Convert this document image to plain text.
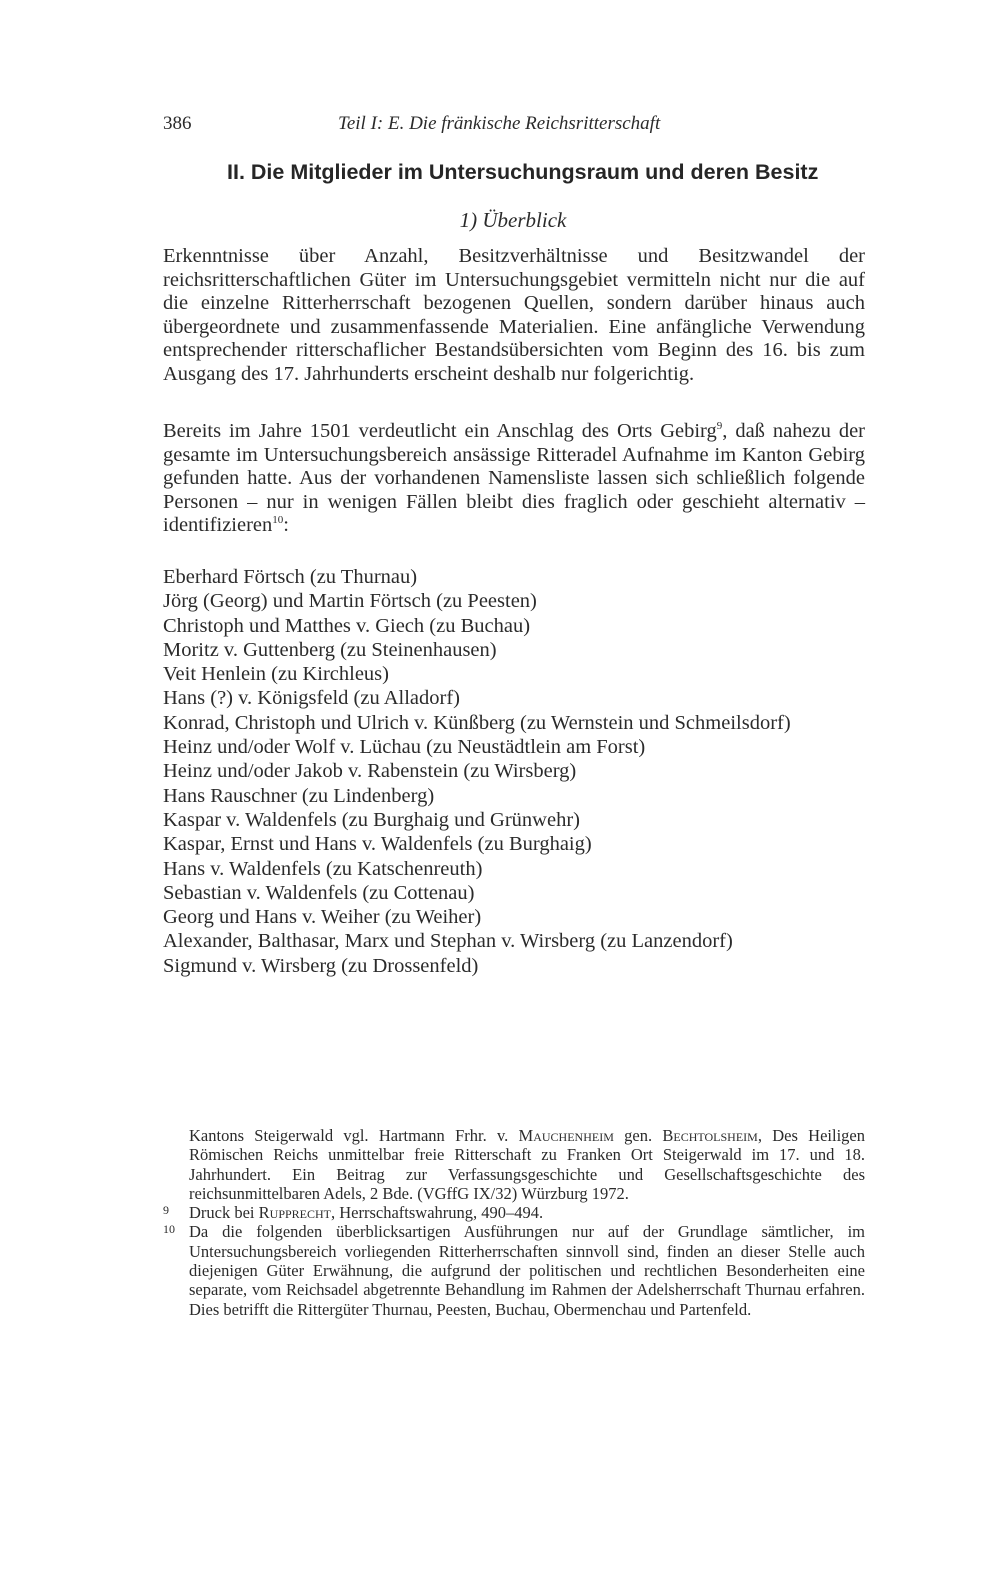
386	Teil I: E. Die fränkische Reichsritterschaft
II. Die Mitglieder im Untersuchungsraum und deren Besitz
1) Überblick

Erkenntnisse über Anzahl, Besitzverhältnisse und Besitzwandel der reichsritterschaftlichen Güter im Untersuchungsgebiet vermitteln nicht nur die auf die einzelne Ritterherrschaft bezogenen Quellen, sondern darüber hinaus auch übergeordnete und zusammenfassende Materialien. Eine anfängliche Verwendung entsprechender ritterschaflicher Bestandsübersichten vom Beginn des 16. bis zum Ausgang des 17. Jahrhunderts erscheint deshalb nur folgerichtig.

Bereits im Jahre 1501 verdeutlicht ein Anschlag des Orts Gebirg$^9$, daß nahezu der gesamte im Untersuchungsbereich ansässige Ritteradel Aufnahme im Kanton Gebirg gefunden hatte. Aus der vorhandenen Namensliste lassen sich schließlich folgende Personen – nur in wenigen Fällen bleibt dies fraglich oder geschieht alternativ – identifizieren$^{10}$:

Eberhard Förtsch (zu Thurnau)
Jörg (Georg) und Martin Förtsch (zu Peesten)
Christoph und Matthes v. Giech (zu Buchau)
Moritz v. Guttenberg (zu Steinenhausen)
Veit Henlein (zu Kirchleus)
Hans (?) v. Königsfeld (zu Alladorf)
Konrad, Christoph und Ulrich v. Künßberg (zu Wernstein und Schmeilsdorf)
Heinz und/oder Wolf v. Lüchau (zu Neustädtlein am Forst)
Heinz und/oder Jakob v. Rabenstein (zu Wirsberg)
Hans Rauschner (zu Lindenberg)
Kaspar v. Waldenfels (zu Burghaig und Grünwehr)
Kaspar, Ernst und Hans v. Waldenfels (zu Burghaig)
Hans v. Waldenfels (zu Katschenreuth)
Sebastian v. Waldenfels (zu Cottenau)
Georg und Hans v. Weiher (zu Weiher)
Alexander, Balthasar, Marx und Stephan v. Wirsberg (zu Lanzendorf)
Sigmund v. Wirsberg (zu Drossenfeld)

Kantons Steigerwald vgl. Hartmann Frhr. v. Mauchenheim gen. Bechtolsheim, Des Heiligen Römischen Reichs unmittelbar freie Ritterschaft zu Franken Ort Steigerwald im 17. und 18. Jahrhundert. Ein Beitrag zur Verfassungsgeschichte und Gesellschaftsgeschichte des reichsunmittelbaren Adels, 2 Bde. (VGffG IX/32) Würzburg 1972.

9 Druck bei Rupprecht, Herrschaftswahrung, 490–494.

10 Da die folgenden überblicksartigen Ausführungen nur auf der Grundlage sämtlicher, im Untersuchungsbereich vorliegenden Ritterherrschaften sinnvoll sind, finden an dieser Stelle auch diejenigen Güter Erwähnung, die aufgrund der politischen und rechtlichen Besonderheiten eine separate, vom Reichsadel abgetrennte Behandlung im Rahmen der Adelsherrschaft Thurnau erfahren. Dies betrifft die Rittergüter Thurnau, Peesten, Buchau, Obermenchau und Partenfeld.
